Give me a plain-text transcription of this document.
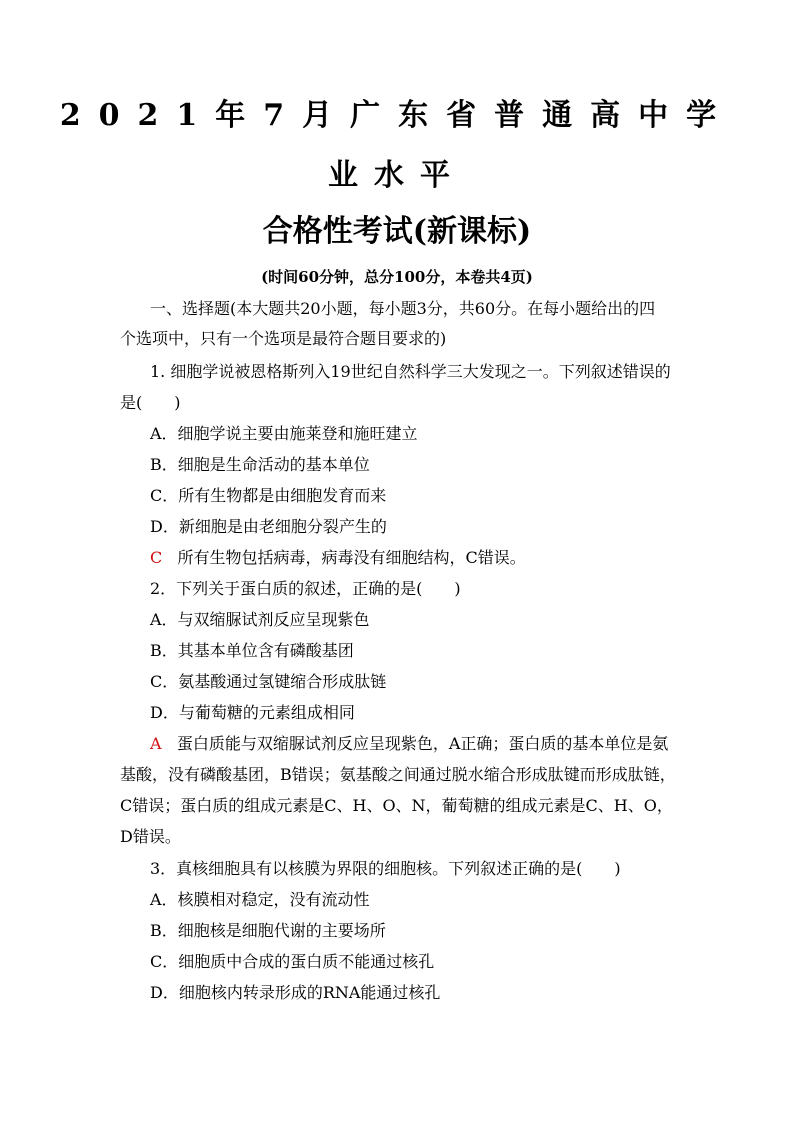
2021年7月广东省普通高中学
业水平
合格性考试(新课标)
(时间60分钟，总分100分，本卷共4页)
一、选择题(本大题共20小题，每小题3分，共60分。在每小题给出的四
个选项中，只有一个选项是最符合题目要求的)
1. 细胞学说被恩格斯列入19世纪自然科学三大发现之一。下列叙述错误的
是(　　)
A．细胞学说主要由施莱登和施旺建立
B．细胞是生命活动的基本单位
C．所有生物都是由细胞发育而来
D．新细胞是由老细胞分裂产生的
C 所有生物包括病毒，病毒没有细胞结构，C错误。
2．下列关于蛋白质的叙述，正确的是(　　)
A．与双缩脲试剂反应呈现紫色
B．其基本单位含有磷酸基团
C．氨基酸通过氢键缩合形成肽链
D．与葡萄糖的元素组成相同
A 蛋白质能与双缩脲试剂反应呈现紫色，A正确；蛋白质的基本单位是氨
基酸，没有磷酸基团，B错误；氨基酸之间通过脱水缩合形成肽键而形成肽链，
C错误；蛋白质的组成元素是C、H、O、N，葡萄糖的组成元素是C、H、O，
D错误。
3．真核细胞具有以核膜为界限的细胞核。下列叙述正确的是(　　)
A．核膜相对稳定，没有流动性
B．细胞核是细胞代谢的主要场所
C．细胞质中合成的蛋白质不能通过核孔
D．细胞核内转录形成的RNA能通过核孔
